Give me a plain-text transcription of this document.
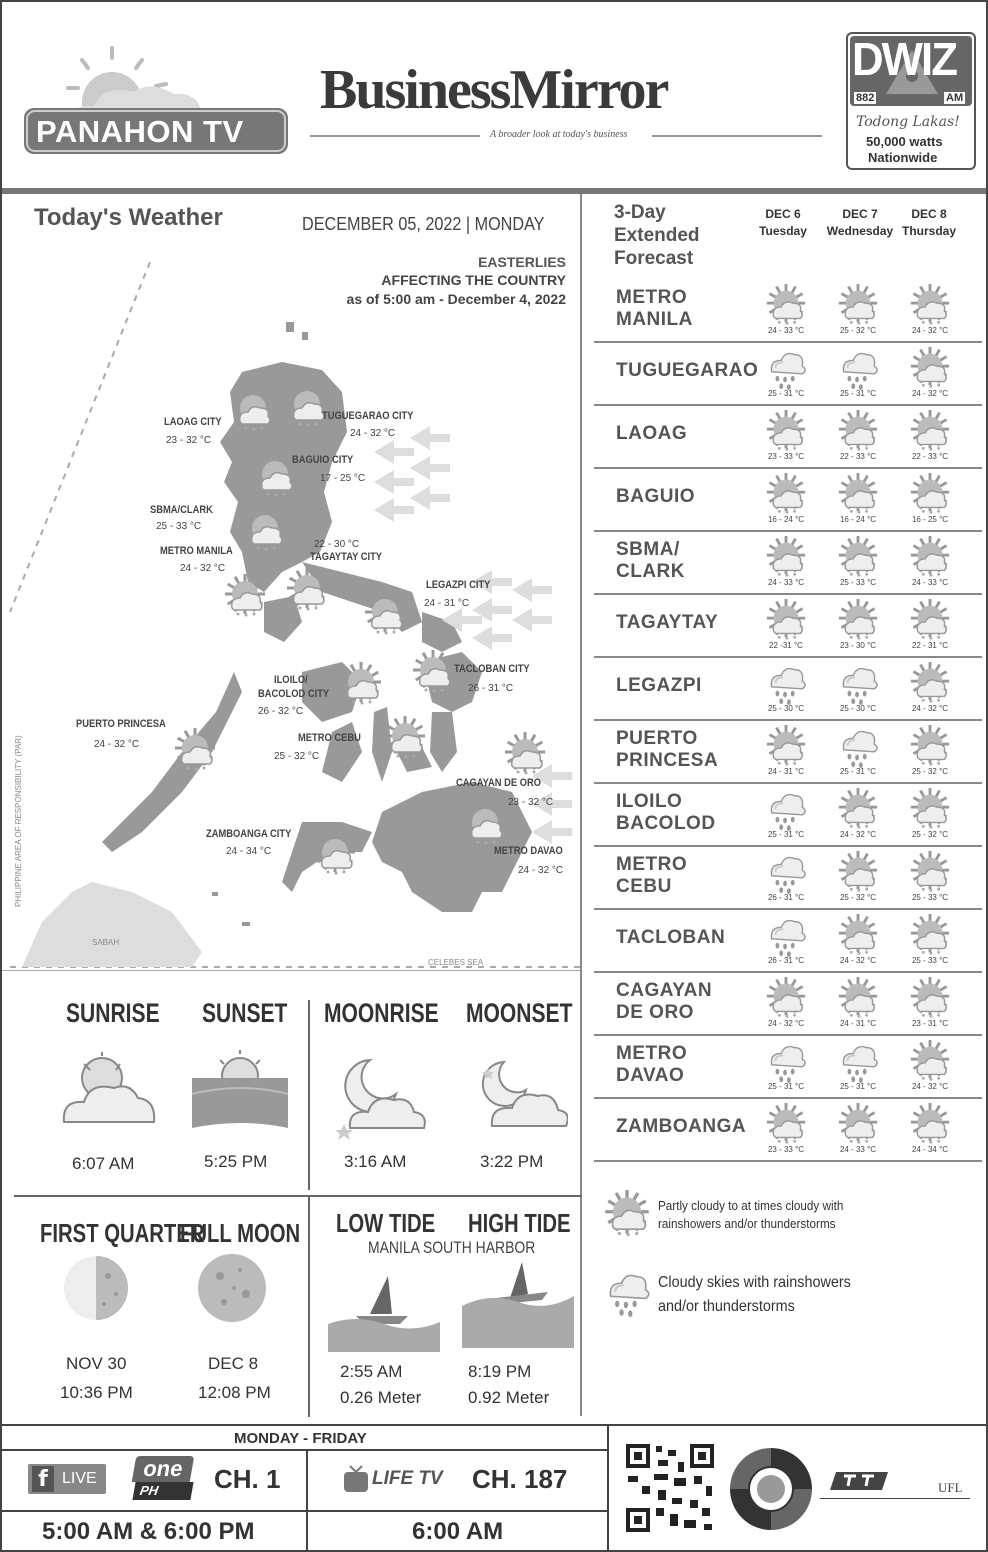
PANAHON TV
BusinessMirror
A broader look at today's business
DWIZ
882	AM
Todong Lakas!
50,000 watts
Nationwide
Today's Weather	DECEMBER 05, 2022 | MONDAY
EASTERLIES
AFFECTING THE COUNTRY
as of 5:00 am - December 4, 2022
PHILIPPINE AREA OF RESPONSIBILITY (PAR)
SABAH
CELEBES SEA
LAOAG CITY
23 - 32 °C
TUGUEGARAO CITY
24 - 32 °C
BAGUIO CITY
17 - 25 °C
SBMA/CLARK
25 - 33 °C
METRO MANILA
24 - 32 °C
22 - 30 °C
TAGAYTAY CITY
LEGAZPI CITY
24 - 31 °C
TACLOBAN CITY
26 - 31 °C
ILOILO/
BACOLOD CITY
26 - 32 °C
PUERTO PRINCESA
24 - 32 °C
METRO CEBU
25 - 32 °C
CAGAYAN DE ORO
23 - 32 °C
ZAMBOANGA CITY
24 - 34 °C	METRO DAVAO
24 - 32 °C
3-Day
Extended
Forecast
DEC 6
Tuesday
DEC 7
Wednesday
DEC 8
Thursday
METRO
MANILA
24 - 33 °C	25 - 32 °C	24 - 32 °C
TUGUEGARAO
25 - 31 °C	25 - 31 °C	24 - 32 °C
LAOAG
23 - 33 °C	22 - 33 °C	22 - 33 °C
BAGUIO
16 - 24 °C	16 - 24 °C	16 - 25 °C
SBMA/
CLARK
24 - 33 °C	25 - 33 °C	24 - 33 °C
TAGAYTAY
22 -31 °C	23 - 30 °C	22 - 31 °C
LEGAZPI
25 - 30 °C	25 - 30 °C	24 - 32 °C
PUERTO
PRINCESA
24 - 31 °C	25 - 31 °C	25 - 32 °C
ILOILO
BACOLOD
25 - 31 °C	24 - 32 °C	25 - 32 °C
METRO
CEBU
26 - 31 °C	25 - 32 °C	25 - 33 °C
TACLOBAN
26 - 31 °C	24 - 32 °C	25 - 33 °C
CAGAYAN
DE ORO
24 - 32 °C	24 - 31 °C	23 - 31 °C
METRO
DAVAO
25 - 31 °C	25 - 31 °C	24 - 32 °C
ZAMBOANGA
23 - 33 °C	24 - 33 °C	24 - 34 °C
Partly cloudy to at times cloudy with
rainshowers and/or thunderstorms
Cloudy skies with rainshowers
and/or thunderstorms
SUNRISE SUNSET MOONRISE MOONSET
6:07 AM	5:25 PM	3:16 AM	3:22 PM
FIRST QUARTER
FULL MOON
NOV 30
10:36 PM
DEC 8
12:08 PM
LOW TIDE HIGH TIDE
MANILA SOUTH HARBOR
2:55 AM
0.26 Meter
8:19 PM
0.92 Meter
MONDAY - FRIDAY
f LIVE	one
PH	CH. 1	LIFE TV CH. 187
5:00 AM & 6:00 PM	6:00 AM
UFL
